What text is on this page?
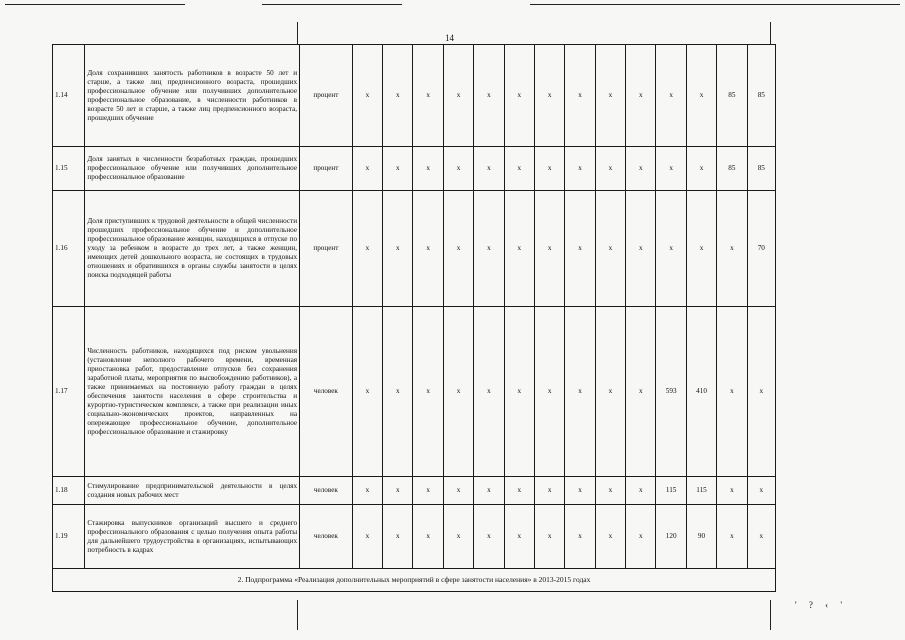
14
1.14	Доля сохранивших занятость работников в возрасте 50 лет и старше, а также лиц предпенсионного возраста, прошедших профессиональное обучение или получивших дополнительное профессиональное образование, в численности работников в возрасте 50 лет и старше, а также лиц предпенсионного возраста, прошедших обучение	процент	x	x	x	x	x	x	x	x	x	x	x	x	85	85
1.15	Доля занятых в численности безработных граждан, прошедших профессиональное обучение или получивших дополнительное профессиональное образование	процент	x	x	x	x	x	x	x	x	x	x	x	x	85	85
1.16	Доля приступивших к трудовой деятельности в общей численности прошедших профессиональное обучение и дополнительное профессиональное образование женщин, находящихся в отпуске по уходу за ребенком в возрасте до трех лет, а также женщин, имеющих детей дошкольного возраста, не состоящих в трудовых отношениях и обратившихся в органы службы занятости в целях поиска подходящей работы	процент	x	x	x	x	x	x	x	x	x	x	x	x	x	70
1.17	Численность работников, находящихся под риском увольнения (установление неполного рабочего времени, временная приостановка работ, предоставление отпусков без сохранения заработной платы, мероприятия по высвобождению работников), а также принимаемых на постоянную работу граждан в целях обеспечения занятости населения в сфере строительства и курортно-туристическом комплексе, а также при реализации иных социально-экономических проектов, направленных на опережающее профессиональное обучение, дополнительное профессиональное образование и стажировку	человек	x	x	x	x	x	x	x	x	x	x	593	410	x	x
1.18	Стимулирование предпринимательской деятельности в целях создания новых рабочих мест	человек	x	x	x	x	x	x	x	x	x	x	115	115	x	x
1.19	Стажировка выпускников организаций высшего и среднего профессионального образования с целью получения опыта работы для дальнейшего трудоустройства в организациях, испытывающих потребность в кадрах	человек	x	x	x	x	x	x	x	x	x	x	120	90	x	x
2. Подпрограмма «Реализация дополнительных мероприятий в сфере занятости населения» в 2013-2015 годах																
' ? ‹ '
